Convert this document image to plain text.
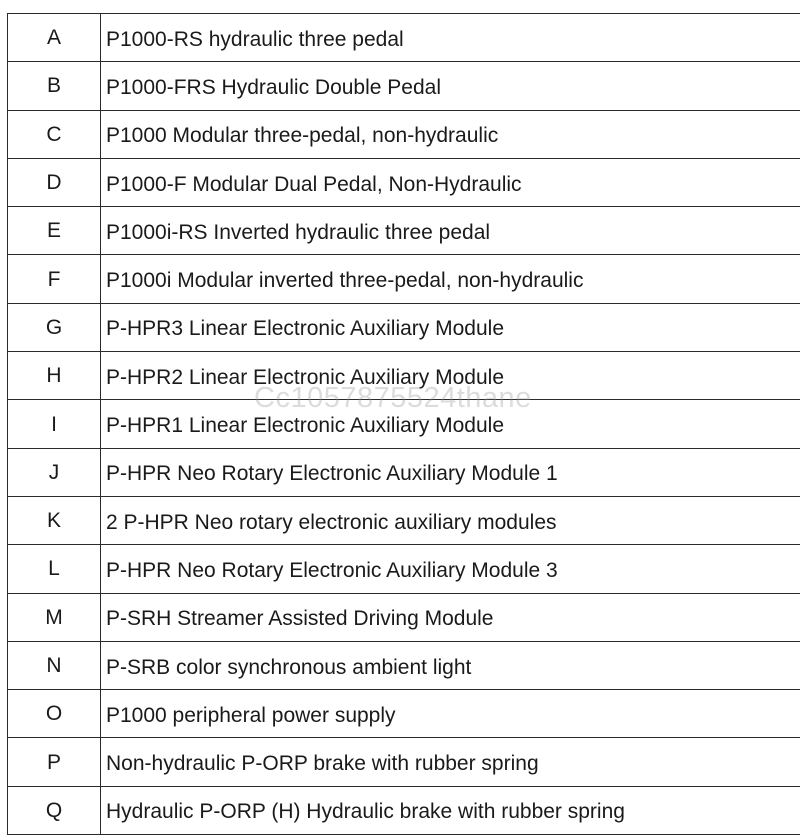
A	P1000-RS hydraulic three pedal
B	P1000-FRS Hydraulic Double Pedal
C	P1000 Modular three-pedal, non-hydraulic
D	P1000-F Modular Dual Pedal, Non-Hydraulic
E	P1000i-RS Inverted hydraulic three pedal
F	P1000i Modular inverted three-pedal, non-hydraulic
G	P-HPR3 Linear Electronic Auxiliary Module
H	P-HPR2 Linear Electronic Auxiliary Module
I	P-HPR1 Linear Electronic Auxiliary Module
J	P-HPR Neo Rotary Electronic Auxiliary Module 1
K	2 P-HPR Neo rotary electronic auxiliary modules
L	P-HPR Neo Rotary Electronic Auxiliary Module 3
M	P-SRH Streamer Assisted Driving Module
N	P-SRB color synchronous ambient light
O	P1000 peripheral power supply
P	Non-hydraulic P-ORP brake with rubber spring
Q	Hydraulic P-ORP (H) Hydraulic brake with rubber spring
Cc1057875524thane
